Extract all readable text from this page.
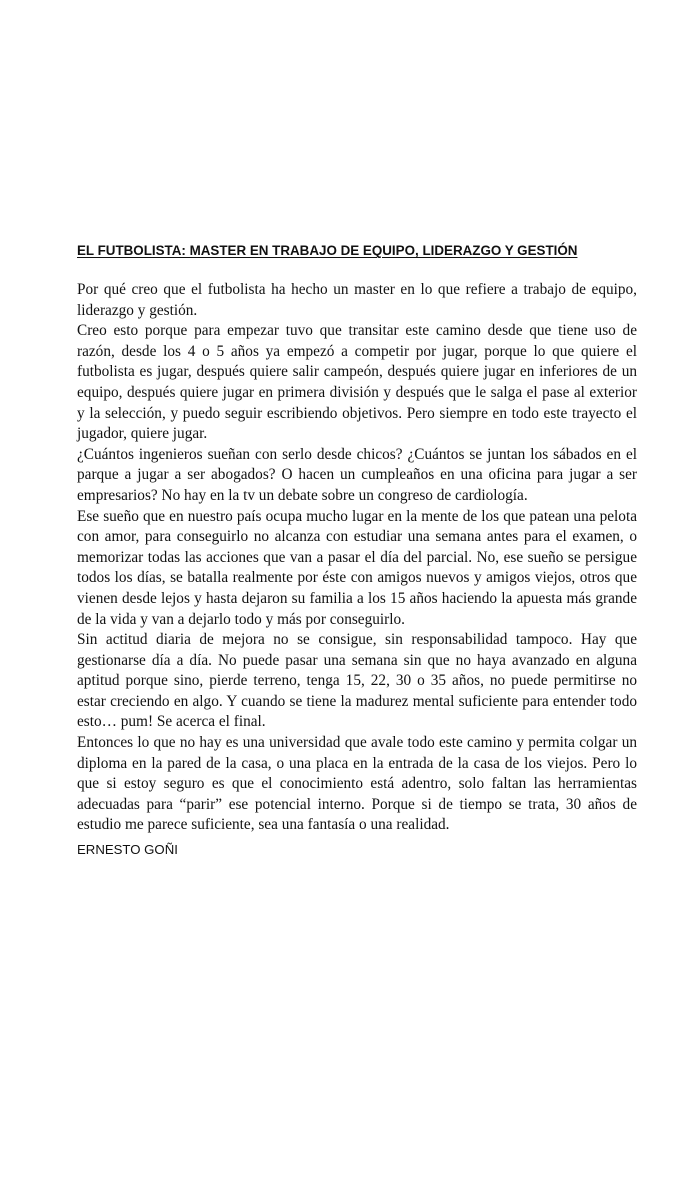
EL FUTBOLISTA: MASTER EN TRABAJO DE EQUIPO, LIDERAZGO Y GESTIÓN

Por qué creo que el futbolista ha hecho un master en lo que refiere a trabajo de equipo, liderazgo y gestión.

Creo esto porque para empezar tuvo que transitar este camino desde que tiene uso de razón, desde los 4 o 5 años ya empezó a competir por jugar, porque lo que quiere el futbolista es jugar, después quiere salir campeón, después quiere jugar en inferiores de un equipo, después quiere jugar en primera división y después que le salga el pase al exterior y la selección, y puedo seguir escribiendo objetivos. Pero siempre en todo este trayecto el jugador, quiere jugar.

¿Cuántos ingenieros sueñan con serlo desde chicos? ¿Cuántos se juntan los sábados en el parque a jugar a ser abogados? O hacen un cumpleaños en una oficina para jugar a ser empresarios? No hay en la tv un debate sobre un congreso de cardiología.

Ese sueño que en nuestro país ocupa mucho lugar en la mente de los que patean una pelota con amor, para conseguirlo no alcanza con estudiar una semana antes para el examen, o memorizar todas las acciones que van a pasar el día del parcial. No, ese sueño se persigue todos los días, se batalla realmente por éste con amigos nuevos y amigos viejos, otros que vienen desde lejos y hasta dejaron su familia a los 15 años haciendo la apuesta más grande de la vida y van a dejarlo todo y más por conseguirlo.

Sin actitud diaria de mejora no se consigue, sin responsabilidad tampoco. Hay que gestionarse día a día. No puede pasar una semana sin que no haya avanzado en alguna aptitud porque sino, pierde terreno, tenga 15, 22, 30 o 35 años, no puede permitirse no estar creciendo en algo. Y cuando se tiene la madurez mental suficiente para entender todo esto… pum! Se acerca el final.

Entonces lo que no hay es una universidad que avale todo este camino y permita colgar un diploma en la pared de la casa, o una placa en la entrada de la casa de los viejos. Pero lo que si estoy seguro es que el conocimiento está adentro, solo faltan las herramientas adecuadas para “parir” ese potencial interno. Porque si de tiempo se trata, 30 años de estudio me parece suficiente, sea una fantasía o una realidad.

ERNESTO GOÑI
